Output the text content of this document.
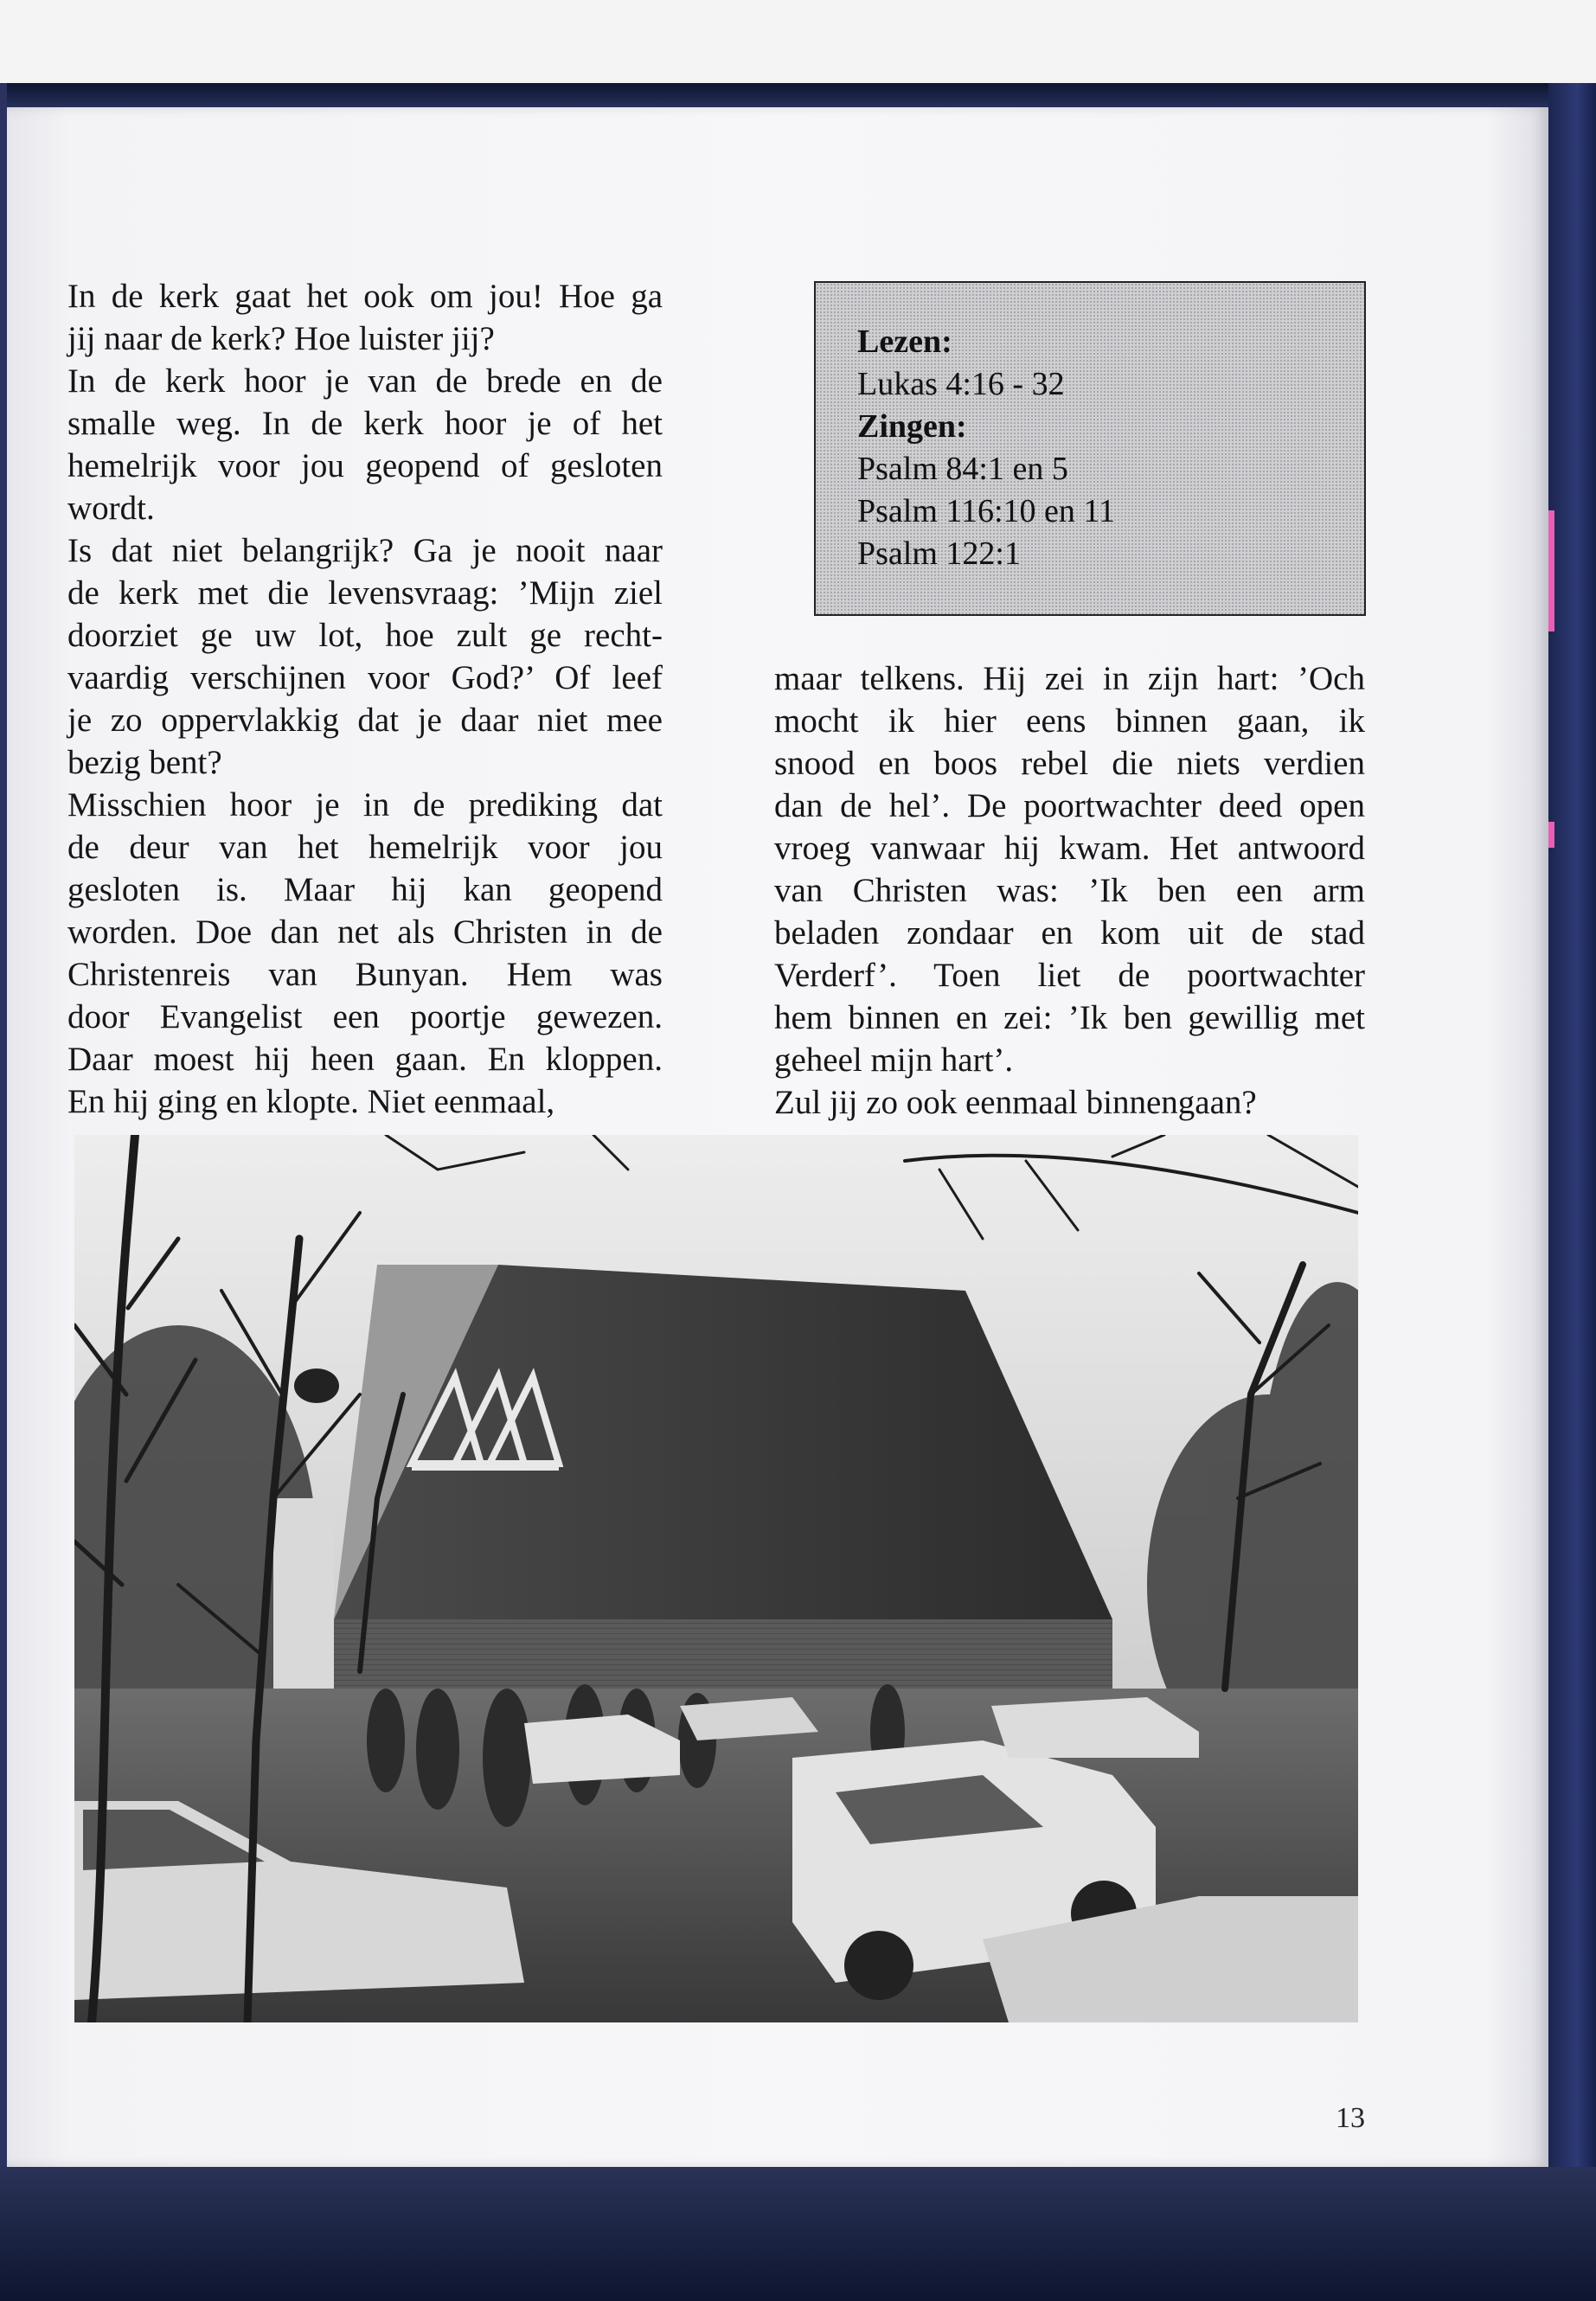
In de kerk gaat het ook om jou! Hoe ga
jij naar de kerk? Hoe luister jij?
In de kerk hoor je van de brede en de
smalle weg. In de kerk hoor je of het
hemelrijk voor jou geopend of gesloten
wordt.
Is dat niet belangrijk? Ga je nooit naar
de kerk met die levensvraag: ’Mijn ziel
doorziet ge uw lot, hoe zult ge recht-
vaardig verschijnen voor God?’ Of leef
je zo oppervlakkig dat je daar niet mee
bezig bent?
Misschien hoor je in de prediking dat
de deur van het hemelrijk voor jou
gesloten is. Maar hij kan geopend
worden. Doe dan net als Christen in de
Christenreis van Bunyan. Hem was
door Evangelist een poortje gewezen.
Daar moest hij heen gaan. En kloppen.
En hij ging en klopte. Niet eenmaal,
Lezen:
Lukas 4:16 - 32
Zingen:
Psalm 84:1 en 5
Psalm 116:10 en 11
Psalm 122:1
maar telkens. Hij zei in zijn hart: ’Och
mocht ik hier eens binnen gaan, ik
snood en boos rebel die niets verdien
dan de hel’. De poortwachter deed open
vroeg vanwaar hij kwam. Het antwoord
van Christen was: ’Ik ben een arm
beladen zondaar en kom uit de stad
Verderf’. Toen liet de poortwachter
hem binnen en zei: ’Ik ben gewillig met
geheel mijn hart’.
Zul jij zo ook eenmaal binnengaan?
13
